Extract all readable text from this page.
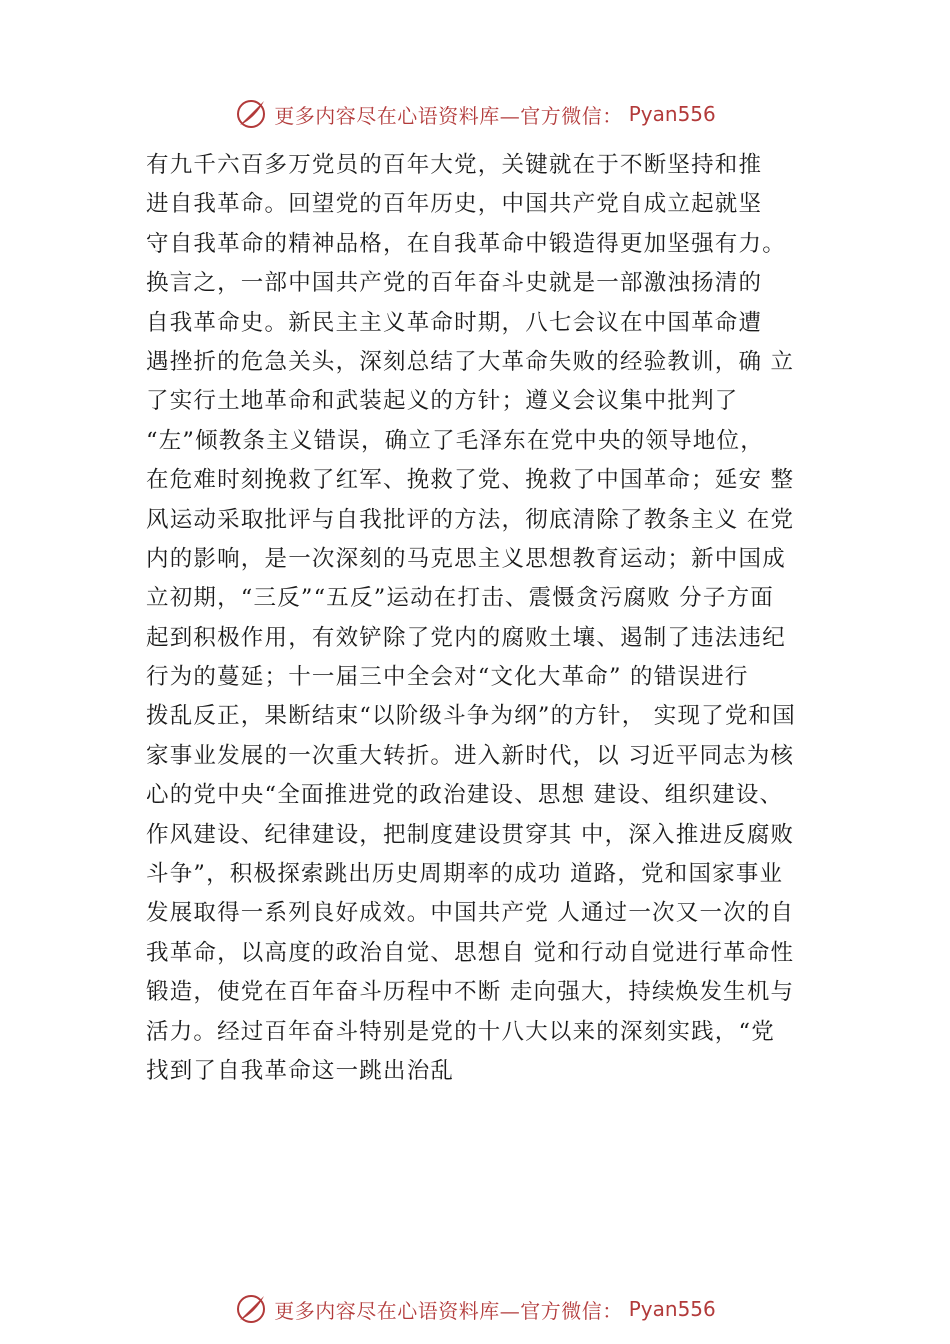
更多内容尽在心语资料库—官方微信： Pyan556
有九千六百多万党员的百年大党，关键就在于不断坚持和推
进自我革命。回望党的百年历史，中国共产党自成立起就坚
守自我革命的精神品格，在自我革命中锻造得更加坚强有力。
换言之，一部中国共产党的百年奋斗史就是一部激浊扬清的
自我革命史。新民主主义革命时期，八七会议在中国革命遭
遇挫折的危急关头，深刻总结了大革命失败的经验教训，确 立
了实行土地革命和武装起义的方针；遵义会议集中批判了
“左”倾教条主义错误，确立了毛泽东在党中央的领导地位，
在危难时刻挽救了红军、挽救了党、挽救了中国革命；延安 整
风运动采取批评与自我批评的方法，彻底清除了教条主义 在党
内的影响，是一次深刻的马克思主义思想教育运动；新中国成
立初期，“三反”“五反”运动在打击、震慑贪污腐败 分子方面
起到积极作用，有效铲除了党内的腐败土壤、遏制了违法违纪
行为的蔓延；十一届三中全会对“文化大革命” 的错误进行
拨乱反正，果断结束“以阶级斗争为纲”的方针， 实现了党和国
家事业发展的一次重大转折。进入新时代，以 习近平同志为核
心的党中央“全面推进党的政治建设、思想 建设、组织建设、
作风建设、纪律建设，把制度建设贯穿其 中，深入推进反腐败
斗争”，积极探索跳出历史周期率的成功 道路，党和国家事业
发展取得一系列良好成效。中国共产党 人通过一次又一次的自
我革命，以高度的政治自觉、思想自 觉和行动自觉进行革命性
锻造，使党在百年奋斗历程中不断 走向强大，持续焕发生机与
活力。经过百年奋斗特别是党的十八大以来的深刻实践，“党
找到了自我革命这一跳出治乱
更多内容尽在心语资料库—官方微信： Pyan556
